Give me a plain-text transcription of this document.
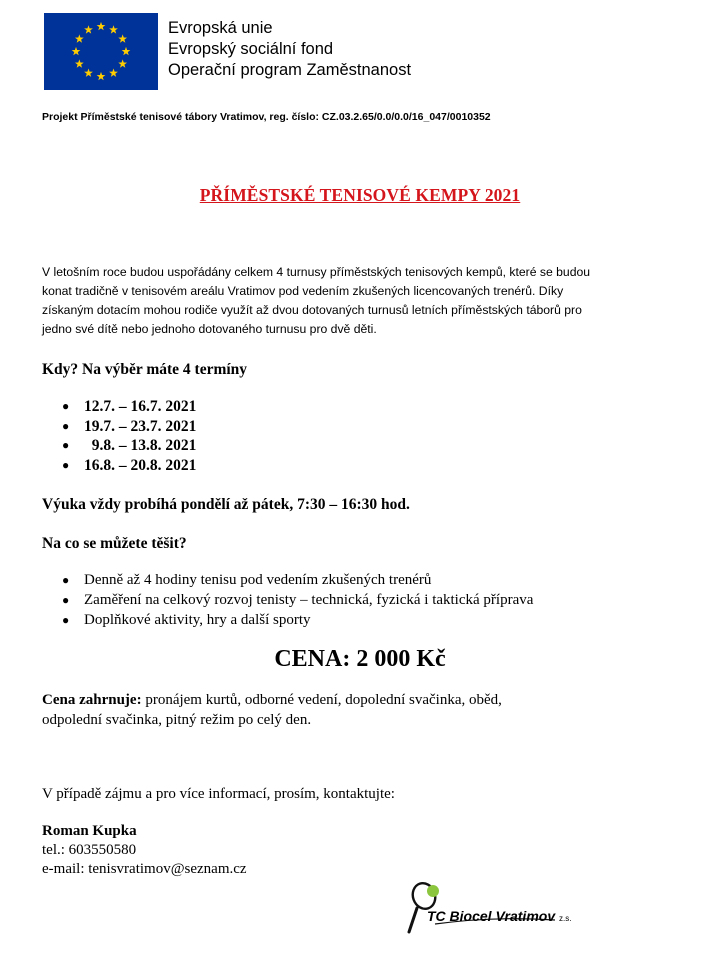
Evropská unie
Evropský sociální fond
Operační program Zaměstnanost
Projekt Příměstské tenisové tábory Vratimov, reg. číslo: CZ.03.2.65/0.0/0.0/16_047/0010352
PŘÍMĚSTSKÉ TENISOVÉ KEMPY 2021
V letošním roce budou uspořádány celkem 4 turnusy příměstských tenisových kempů, které se budou
konat tradičně v tenisovém areálu Vratimov pod vedením zkušených licencovaných trenérů. Díky
získaným dotacím mohou rodiče využít až dvou dotovaných turnusů letních příměstských táborů pro
jedno své dítě nebo jednoho dotovaného turnusu pro dvě děti.
Kdy? Na výběr máte 4 termíny
● 12.7. – 16.7. 2021
● 19.7. – 23.7. 2021
● 9.8. – 13.8. 2021
● 16.8. – 20.8. 2021
Výuka vždy probíhá pondělí až pátek, 7:30 – 16:30 hod.
Na co se můžete těšit?
● Denně až 4 hodiny tenisu pod vedením zkušených trenérů
● Zaměření na celkový rozvoj tenisty – technická, fyzická i taktická příprava
● Doplňkové aktivity, hry a další sporty
CENA: 2 000 Kč
Cena zahrnuje: pronájem kurtů, odborné vedení, dopolední svačinka, oběd,
odpolední svačinka, pitný režim po celý den.
V případě zájmu a pro více informací, prosím, kontaktujte:
Roman Kupka
tel.: 603550580
e-mail: tenisvratimov@seznam.cz
TC Biocel Vratimov z.s.
